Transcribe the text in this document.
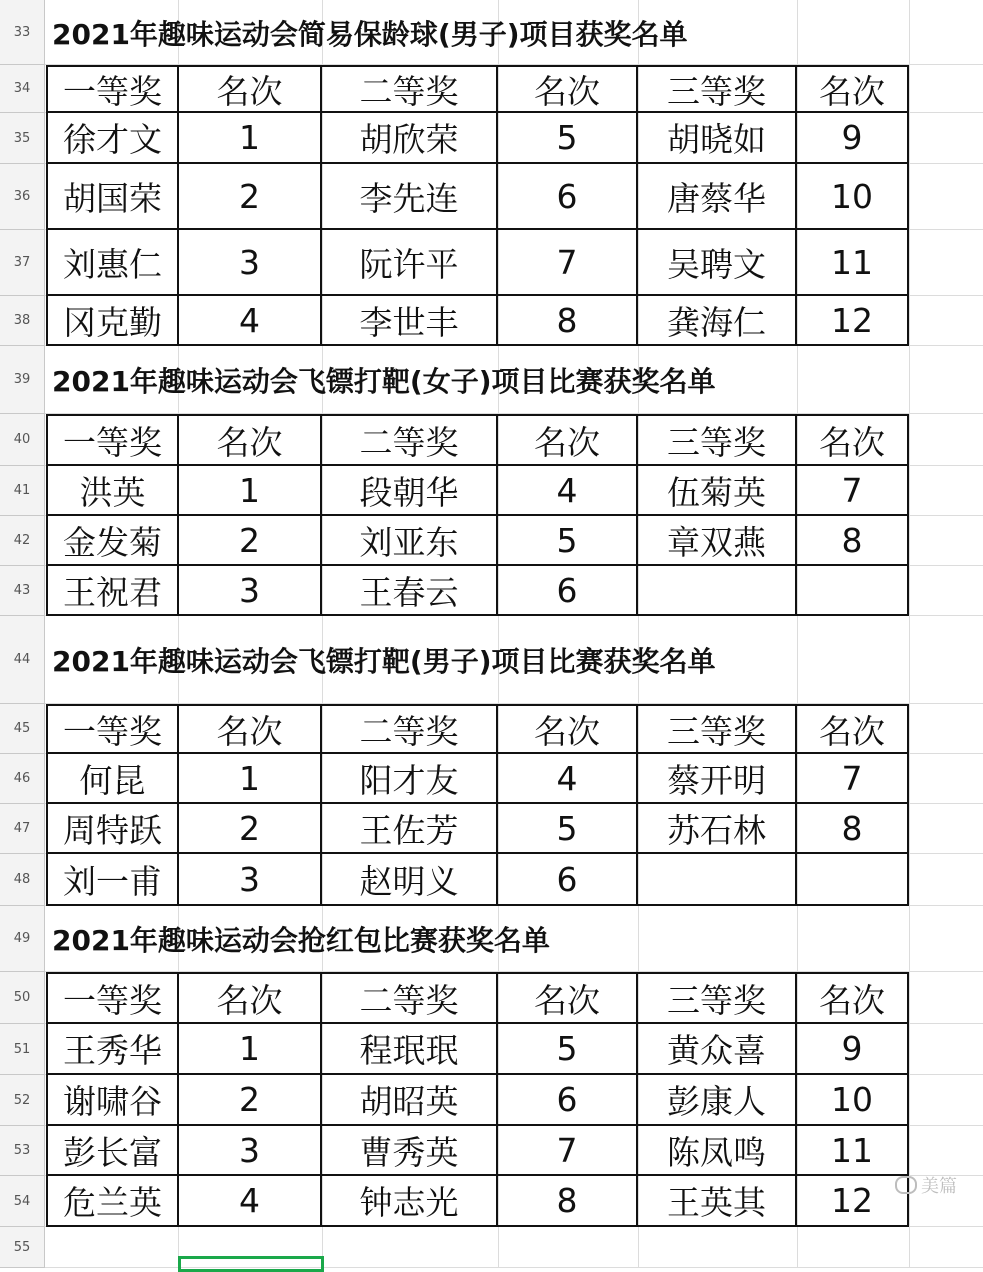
33 2021年趣味运动会简易保龄球(男子)项目获奖名单
34 一等奖	名次	二等奖	名次	三等奖	名次
35 徐才文	1	胡欣荣	5	胡晓如	9
36 胡国荣	2	李先连	6	唐蔡华	10
37 刘惠仁	3	阮许平	7	吴聘文	11
38 冈克勤	4	李世丰	8	龚海仁	12
39 2021年趣味运动会飞镖打靶(女子)项目比赛获奖名单
40 一等奖	名次	二等奖	名次	三等奖	名次
41	洪英	1	段朝华	4	伍菊英	7
42 金发菊	2	刘亚东	5	章双燕	8
43 王祝君	3	王春云	6
44 2021年趣味运动会飞镖打靶(男子)项目比赛获奖名单
45 一等奖	名次	二等奖	名次	三等奖	名次
46	何昆	1	阳才友	4	蔡开明	7
47 周特跃	2	王佐芳	5	苏石林	8
48 刘一甫	3	赵明义	6
49 2021年趣味运动会抢红包比赛获奖名单
50 一等奖	名次	二等奖	名次	三等奖	名次
51 王秀华	1	程珉珉	5	黄众喜	9
52 谢啸谷	2	胡昭英	6	彭康人	10
53 彭长富	3	曹秀英	7	陈凤鸣	11
54 危兰英	4	钟志光	8	王英其	12
55
美篇
